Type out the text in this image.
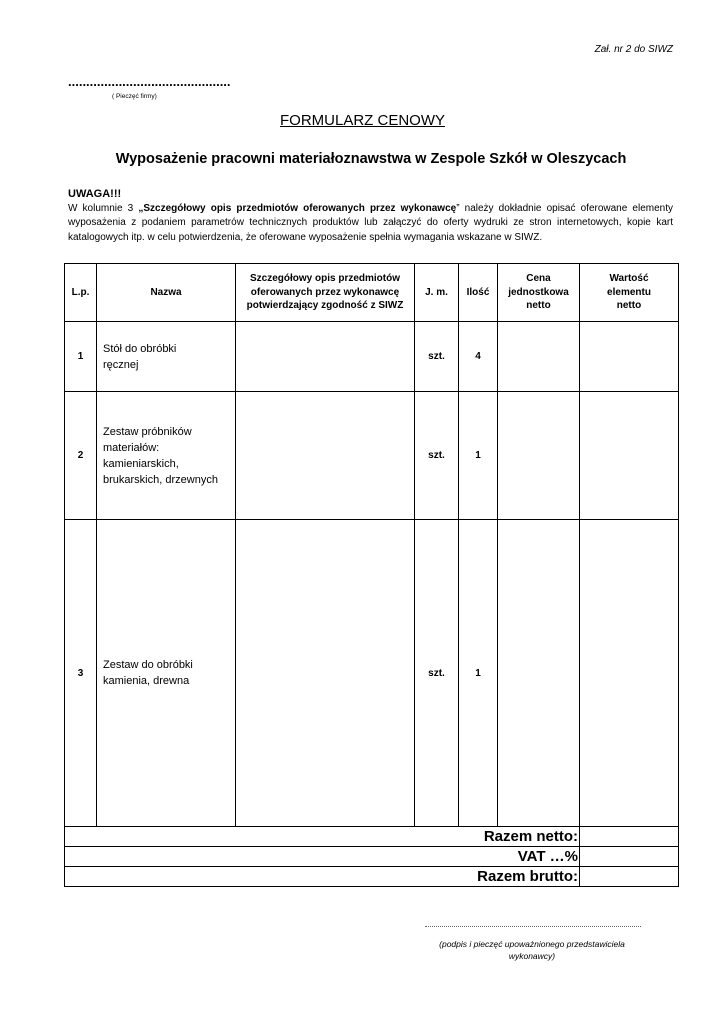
Zał. nr 2 do SIWZ
.............................................
( Pieczęć firmy)
FORMULARZ CENOWY
Wyposażenie pracowni materiałoznawstwa w Zespole Szkół w Oleszycach
UWAGA!!!
W kolumnie 3 „Szczegółowy opis przedmiotów oferowanych przez wykonawcę” należy dokładnie opisać oferowane elementy wyposażenia z podaniem parametrów technicznych produktów lub załączyć do oferty wydruki ze stron internetowych, kopie kart katalogowych itp. w celu potwierdzenia, że oferowane wyposażenie spełnia wymagania wskazane w SIWZ.
L.p.	Nazwa	Szczegółowy opis przedmiotów oferowanych przez wykonawcę potwierdzający zgodność z SIWZ	J. m.	Ilość	Cena jednostkowa netto	Wartość elementu netto
1	Stół do obróbki ręcznej		szt.	4		
2	Zestaw próbników materiałów: kamieniarskich, brukarskich, drzewnych		szt.	1		
3	Zestaw do obróbki kamienia, drewna		szt.	1		
Razem netto:						
VAT …%						
Razem brutto:						
(podpis i pieczęć upoważnionego przedstawiciela wykonawcy)
